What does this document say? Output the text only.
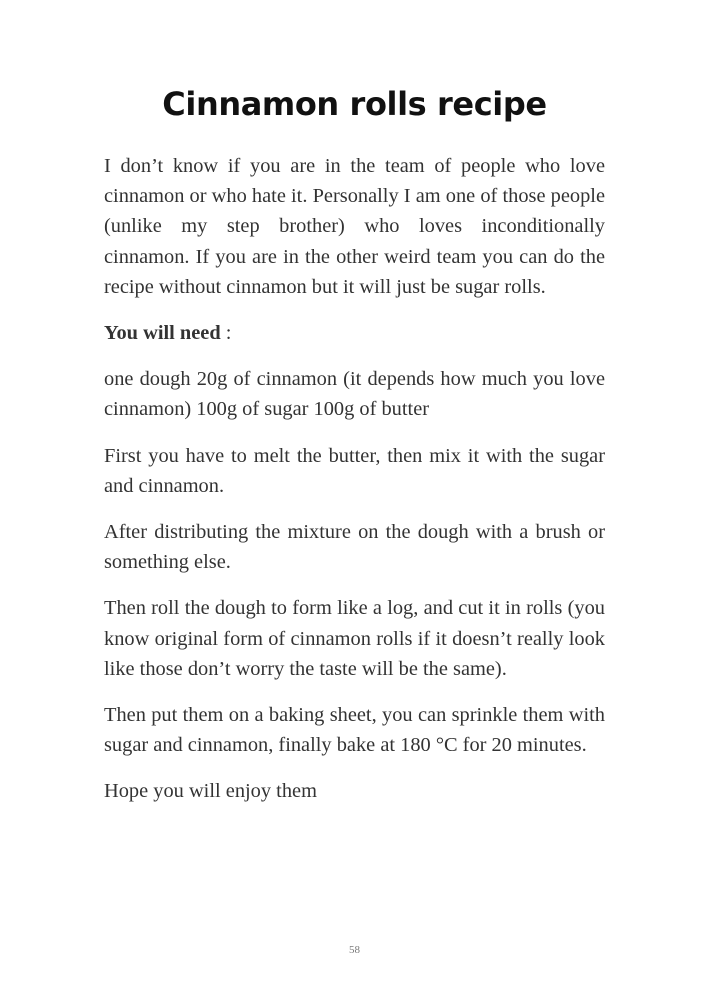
Cinnamon rolls recipe

I don’t know if you are in the team of people who love cinnamon or who hate it. Personally I am one of those people (unlike my step brother) who loves inconditionally cinnamon. If you are in the other weird team you can do the recipe without cinnamon but it will just be sugar rolls.

You will need :

one dough 20g of cinnamon (it depends how much you love cinnamon) 100g of sugar 100g of butter

First you have to melt the butter, then mix it with the sugar and cinnamon.

After distributing the mixture on the dough with a brush or something else.

Then roll the dough to form like a log, and cut it in rolls (you know original form of cinnamon rolls if it doesn’t really look like those don’t worry the taste will be the same).

Then put them on a baking sheet, you can sprinkle them with sugar and cinnamon, finally bake at 180 °C for 20 minutes.

Hope you will enjoy them

58
